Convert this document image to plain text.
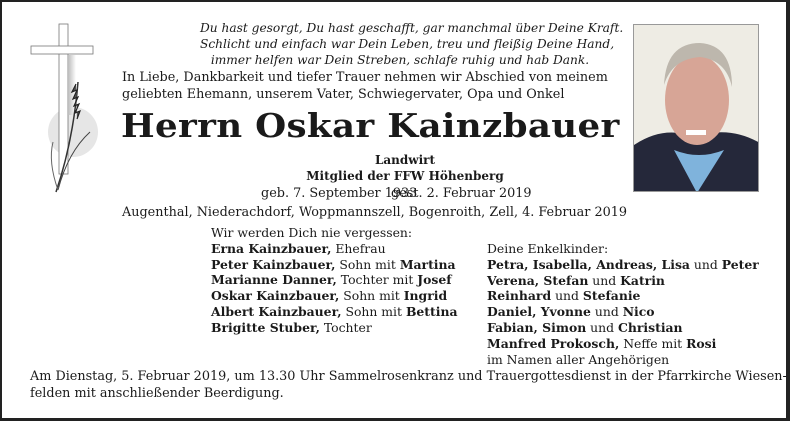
Du hast gesorgt, Du hast geschafft, gar manchmal über Deine Kraft.
Schlicht und einfach war Dein Leben, treu und fleißig Deine Hand,
immer helfen war Dein Streben, schlafe ruhig und hab Dank.
In Liebe, Dankbarkeit und tiefer Trauer nehmen wir Abschied von meinem
geliebten Ehemann, unserem Vater, Schwiegervater, Opa und Onkel
Herrn Oskar Kainzbauer
Landwirt
Mitglied der FFW Höhenberg
geb. 7. September 1933
gest. 2. Februar 2019
Augenthal, Niederachdorf, Woppmannszell, Bogenroith, Zell, 4. Februar 2019
Wir werden Dich nie vergessen:
Erna Kainzbauer, Ehefrau
Peter Kainzbauer, Sohn mit Martina
Marianne Danner, Tochter mit Josef
Oskar Kainzbauer, Sohn mit Ingrid
Albert Kainzbauer, Sohn mit Bettina
Brigitte Stuber, Tochter
Deine Enkelkinder:
Petra, Isabella, Andreas, Lisa und Peter
Verena, Stefan und Katrin
Reinhard und Stefanie
Daniel, Yvonne und Nico
Fabian, Simon und Christian
Manfred Prokosch, Neffe mit Rosi
im Namen aller Angehörigen
Am Dienstag, 5. Februar 2019, um 13.30 Uhr Sammelrosenkranz und Trauergottesdienst in der Pfarrkirche Wiesen-
felden mit anschließender Beerdigung.
